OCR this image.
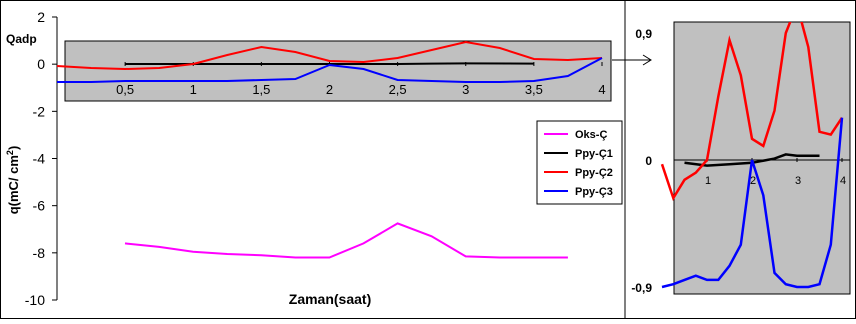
2
0
-2
-4
-6
-8
-10
q(mC/ $cm^2$)
Zaman(saat)
Qadp
0,5	1	1,5	2	2,5	3	3,5	4
Oks-Ç
Ppy-Ç1
Ppy-Ç2
Ppy-Ç3
0,9
0
-0,9
1	2	3	4
